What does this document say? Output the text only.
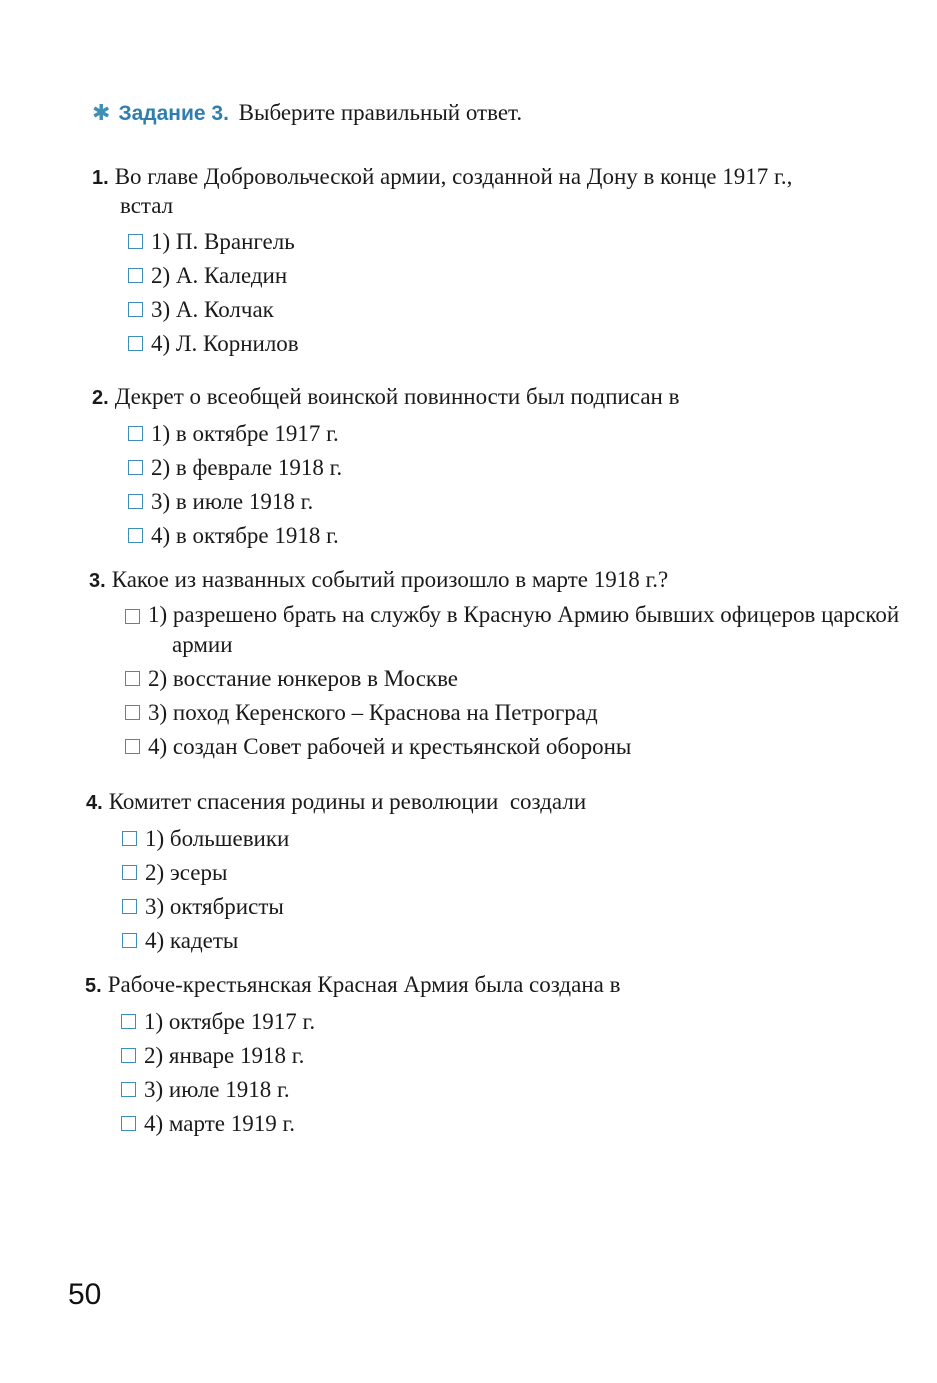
✱ Задание 3. Выберите правильный ответ.
1. Во главе Добровольческой армии, созданной на Дону в конце 1917 г.,
встал
1) П. Врангель
2) А. Каледин
3) А. Колчак
4) Л. Корнилов
2. Декрет о всеобщей воинской повинности был подписан в
1) в октябре 1917 г.
2) в феврале 1918 г.
3) в июле 1918 г.
4) в октябре 1918 г.
3. Какое из названных событий произошло в марте 1918 г.?
1) разрешено брать на службу в Красную Армию бывших офицеров царской армии
2) восстание юнкеров в Москве
3) поход Керенского – Краснова на Петроград
4) создан Совет рабочей и крестьянской обороны
4. Комитет спасения родины и революции  создали
1) большевики
2) эсеры
3) октябристы
4) кадеты
5. Рабоче-крестьянская Красная Армия была создана в
1) октябре 1917 г.
2) январе 1918 г.
3) июле 1918 г.
4) марте 1919 г.
50
